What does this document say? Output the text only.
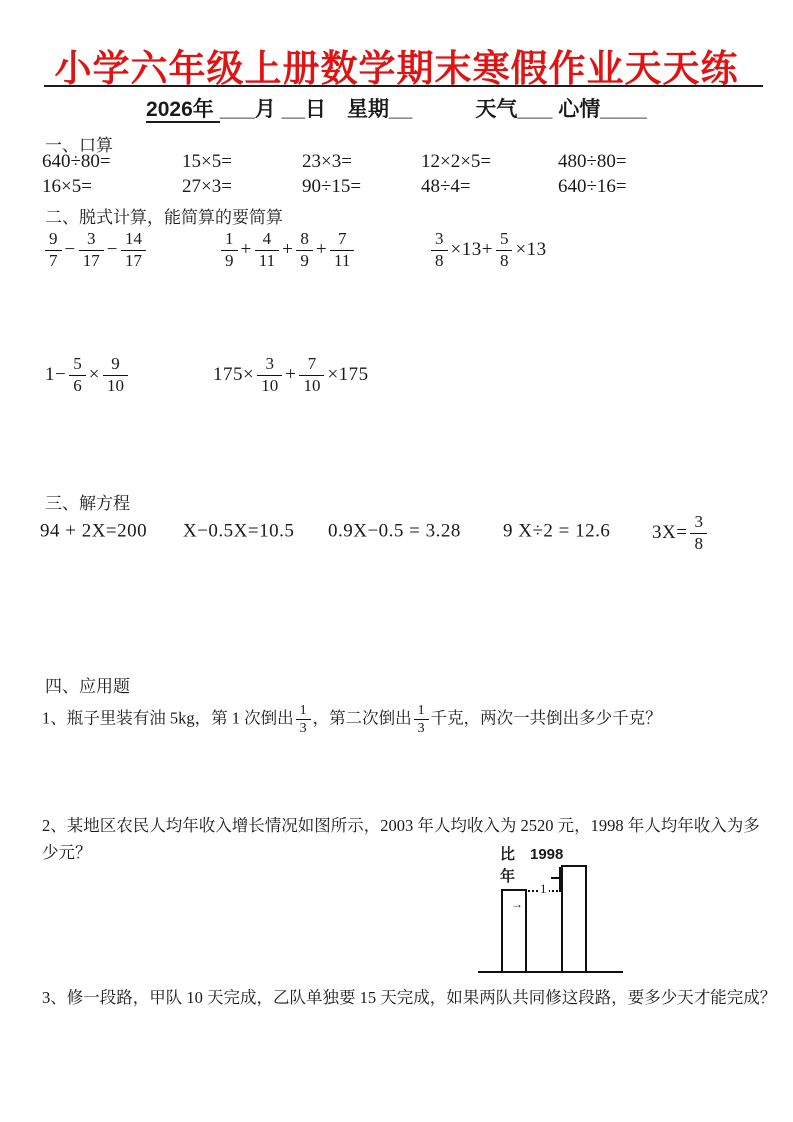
小学六年级上册数学期末寒假作业天天练
2026年 ___月 __日　星期__　　　天气___ 心情____
一、口算
640÷80=	15×5=	23×3=	12×2×5=	480÷80=
16×5=	27×3=	90÷15=	48÷4=	640÷16=
二、脱式计算，能简算的要简算
$\frac{9}{7} - \frac{3}{17} - \frac{14}{17}$	$\frac{1}{9} + \frac{4}{11} + \frac{8}{9} + \frac{7}{11}$	$\frac{3}{8} \times 13+ \frac{5}{8} \times 13$
$1- \frac{5}{6} \times \frac{9}{10}$	$175\times \frac{3}{10} + \frac{7}{10} \times 175$
三、解方程
94 + 2X=200 X−0.5X=10.5 0.9X−0.5 = 3.28 9 X÷2 = 12.6 $3X= \frac{3}{8}$
四、应用题
1、瓶子里装有油 5kg，第 1 次倒出 $\frac{1}{3}$ ，第二次倒出 $\frac{1}{3}$ 千克，两次一共倒出多少千克？
2、某地区农民人均年收入增长情况如图所示，2003 年人均收入为 2520 元，1998 年人均年收入为多少元？
3、修一段路，甲队 10 天完成，乙队单独要 15 天完成，如果两队共同修这段路，要多少天才能完成？
比　1998
年
1
→
